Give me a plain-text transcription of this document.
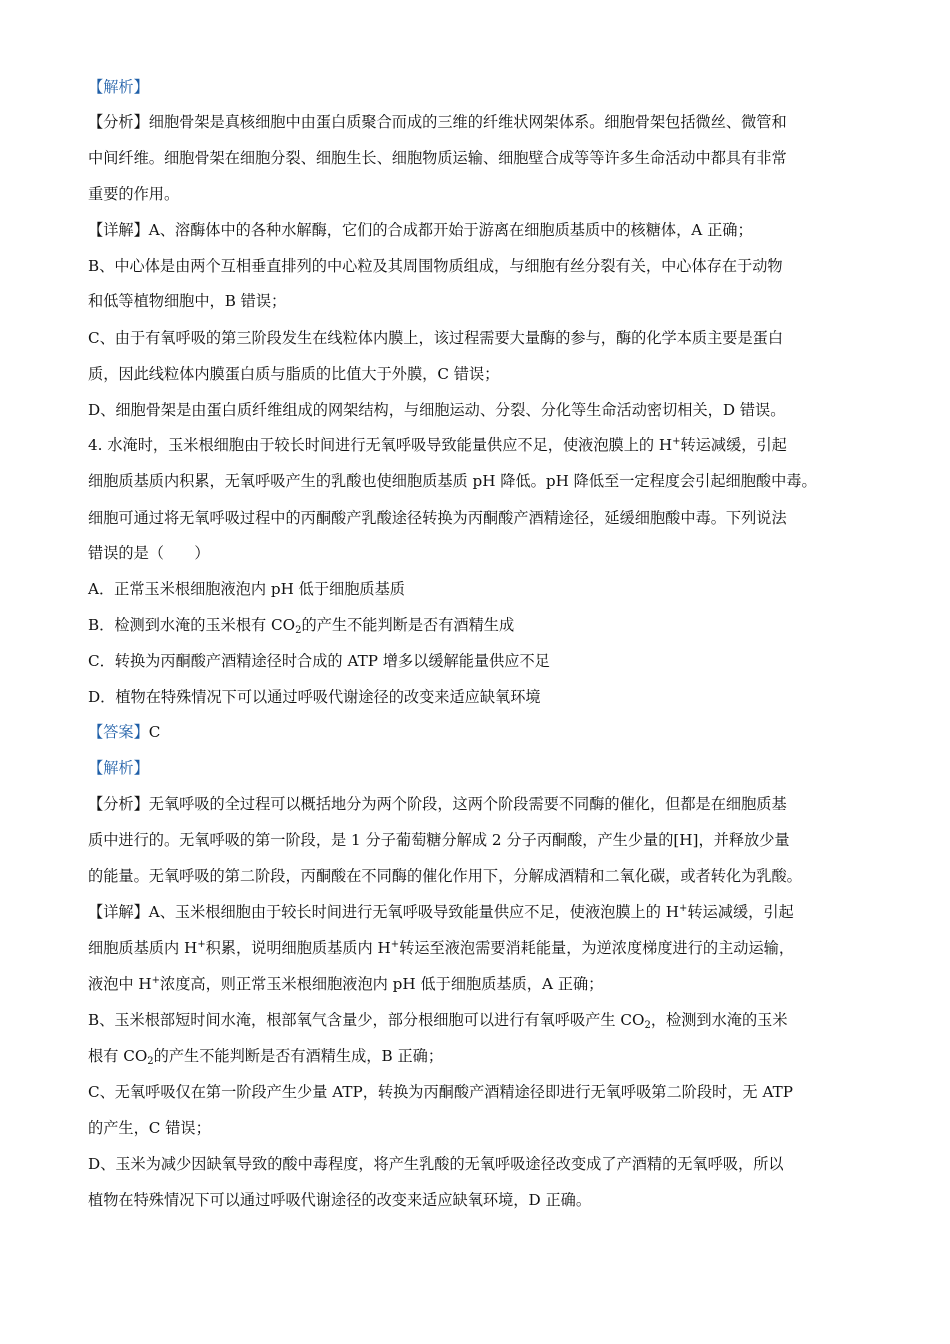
【解析】
【分析】细胞骨架是真核细胞中由蛋白质聚合而成的三维的纤维状网架体系。细胞骨架包括微丝、微管和
中间纤维。细胞骨架在细胞分裂、细胞生长、细胞物质运输、细胞壁合成等等许多生命活动中都具有非常
重要的作用。
【详解】A、溶酶体中的各种水解酶，它们的合成都开始于游离在细胞质基质中的核糖体，A 正确；
B、中心体是由两个互相垂直排列的中心粒及其周围物质组成，与细胞有丝分裂有关，中心体存在于动物
和低等植物细胞中，B 错误；
C、由于有氧呼吸的第三阶段发生在线粒体内膜上，该过程需要大量酶的参与，酶的化学本质主要是蛋白
质，因此线粒体内膜蛋白质与脂质的比值大于外膜，C 错误；
D、细胞骨架是由蛋白质纤维组成的网架结构，与细胞运动、分裂、分化等生命活动密切相关，D 错误。
4. 水淹时，玉米根细胞由于较长时间进行无氧呼吸导致能量供应不足，使液泡膜上的 H+转运减缓，引起
细胞质基质内积累，无氧呼吸产生的乳酸也使细胞质基质 pH 降低。pH 降低至一定程度会引起细胞酸中毒。
细胞可通过将无氧呼吸过程中的丙酮酸产乳酸途径转换为丙酮酸产酒精途径，延缓细胞酸中毒。下列说法
错误的是（　　）
A．正常玉米根细胞液泡内 pH 低于细胞质基质
B．检测到水淹的玉米根有 $CO_2$的产生不能判断是否有酒精生成
C．转换为丙酮酸产酒精途径时合成的 ATP 增多以缓解能量供应不足
D．植物在特殊情况下可以通过呼吸代谢途径的改变来适应缺氧环境
【答案】C
【解析】
【分析】无氧呼吸的全过程可以概括地分为两个阶段，这两个阶段需要不同酶的催化，但都是在细胞质基
质中进行的。无氧呼吸的第一阶段，是 1 分子葡萄糖分解成 2 分子丙酮酸，产生少量的[H]，并释放少量
的能量。无氧呼吸的第二阶段，丙酮酸在不同酶的催化作用下，分解成酒精和二氧化碳，或者转化为乳酸。
【详解】A、玉米根细胞由于较长时间进行无氧呼吸导致能量供应不足，使液泡膜上的 H+转运减缓，引起
细胞质基质内 H+积累，说明细胞质基质内 H+转运至液泡需要消耗能量，为逆浓度梯度进行的主动运输，
液泡中 H+浓度高，则正常玉米根细胞液泡内 pH 低于细胞质基质，A 正确；
B、玉米根部短时间水淹，根部氧气含量少，部分根细胞可以进行有氧呼吸产生 $CO_2$，检测到水淹的玉米
根有 $CO_2$的产生不能判断是否有酒精生成，B 正确；
C、无氧呼吸仅在第一阶段产生少量 ATP，转换为丙酮酸产酒精途径即进行无氧呼吸第二阶段时，无 ATP
的产生，C 错误；
D、玉米为减少因缺氧导致的酸中毒程度，将产生乳酸的无氧呼吸途径改变成了产酒精的无氧呼吸，所以
植物在特殊情况下可以通过呼吸代谢途径的改变来适应缺氧环境，D 正确。
